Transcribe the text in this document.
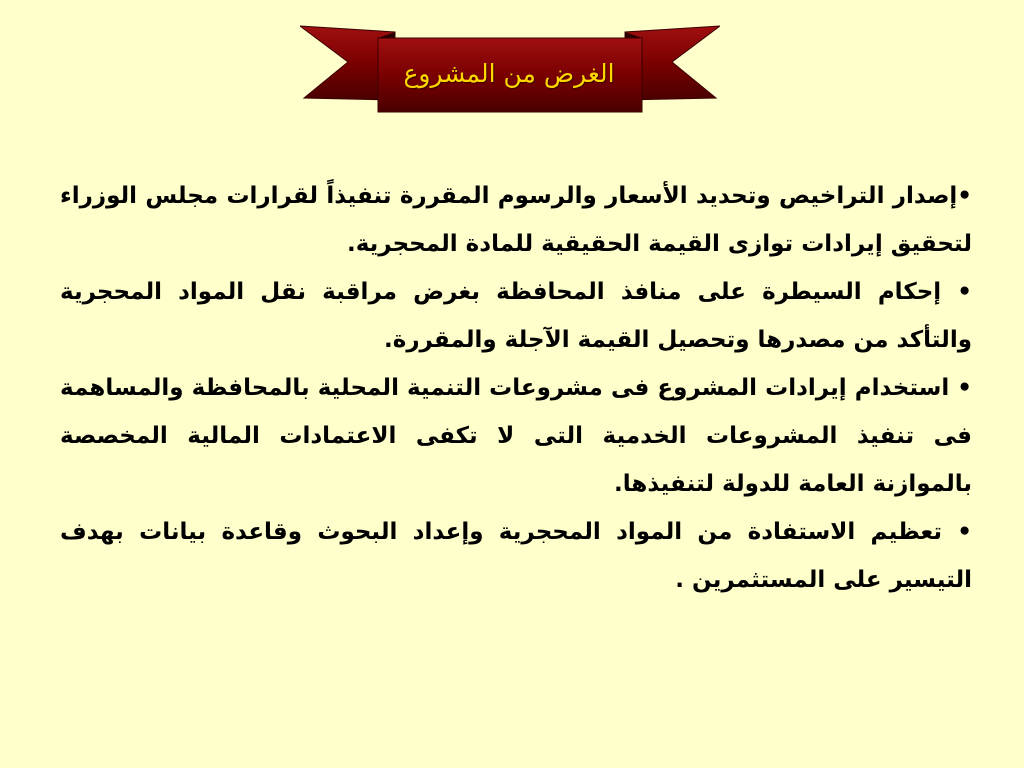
الغرض من المشروع

•إصدار التراخيص وتحديد الأسعار والرسوم المقررة تنفيذاً لقرارات مجلس الوزراء لتحقيق إيرادات توازى القيمة الحقيقية للمادة المحجرية.

• إحكام السيطرة على منافذ المحافظة بغرض مراقبة نقل المواد المحجرية والتأكد من مصدرها وتحصيل القيمة الآجلة والمقررة.

• استخدام إيرادات المشروع فى مشروعات التنمية المحلية بالمحافظة والمساهمة فى تنفيذ المشروعات الخدمية التى لا تكفى الاعتمادات المالية المخصصة بالموازنة العامة للدولة لتنفيذها.

• تعظيم الاستفادة من المواد المحجرية وإعداد البحوث وقاعدة بيانات بهدف التيسير على المستثمرين .
